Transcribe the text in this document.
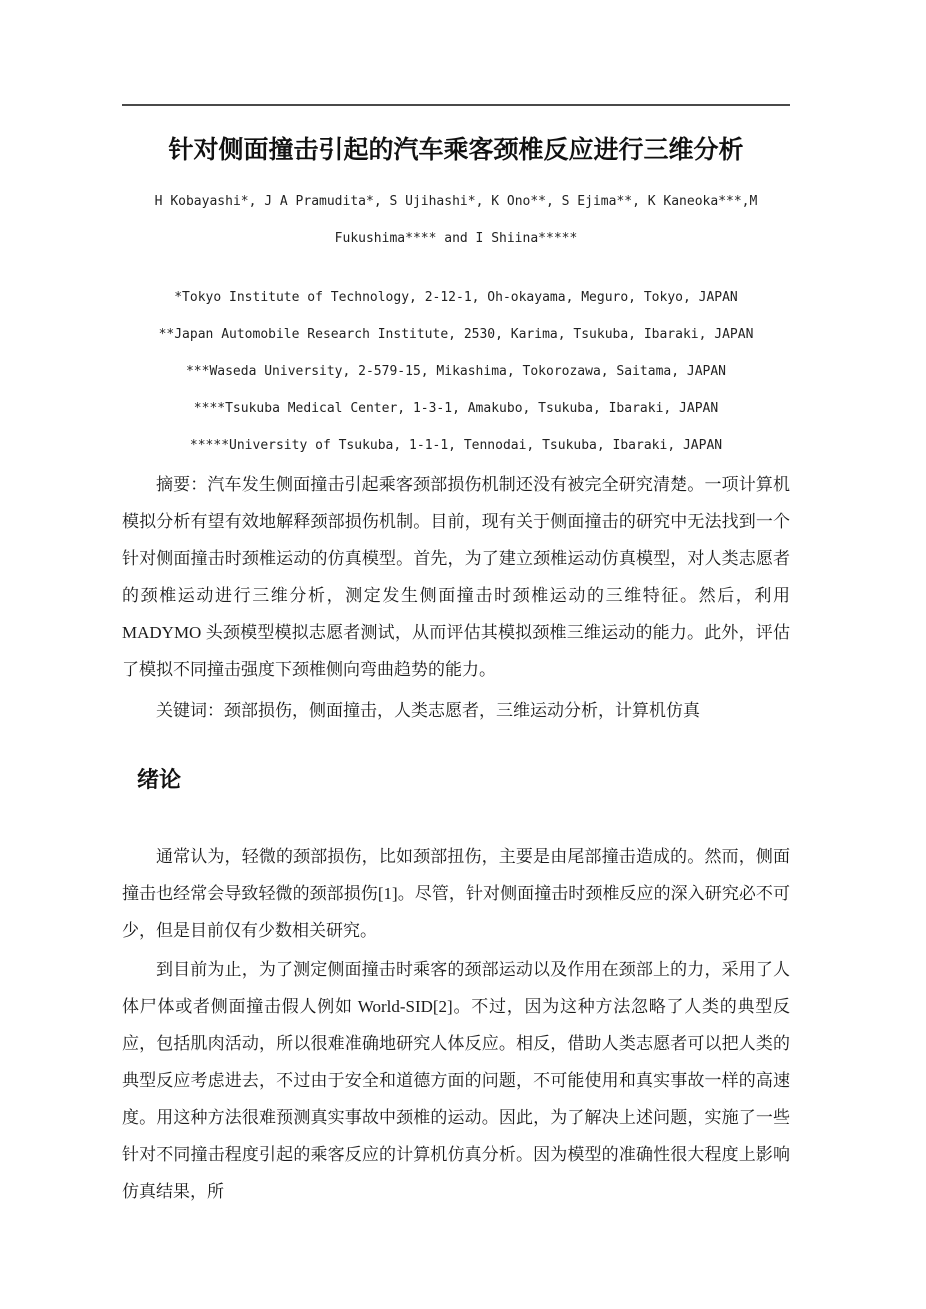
针对侧面撞击引起的汽车乘客颈椎反应进行三维分析
H Kobayashi*, J A Pramudita*, S Ujihashi*, K Ono**, S Ejima**, K Kaneoka***,M
Fukushima**** and I Shiina*****
*Tokyo Institute of Technology, 2-12-1, Oh-okayama, Meguro, Tokyo, JAPAN
**Japan Automobile Research Institute, 2530, Karima, Tsukuba, Ibaraki, JAPAN
***Waseda University, 2-579-15, Mikashima, Tokorozawa, Saitama, JAPAN
****Tsukuba Medical Center, 1-3-1, Amakubo, Tsukuba, Ibaraki, JAPAN
*****University of Tsukuba, 1-1-1, Tennodai, Tsukuba, Ibaraki, JAPAN

摘要：汽车发生侧面撞击引起乘客颈部损伤机制还没有被完全研究清楚。一项计算机模拟分析有望有效地解释颈部损伤机制。目前，现有关于侧面撞击的研究中无法找到一个针对侧面撞击时颈椎运动的仿真模型。首先，为了建立颈椎运动仿真模型，对人类志愿者的颈椎运动进行三维分析，测定发生侧面撞击时颈椎运动的三维特征。然后，利用 MADYMO 头颈模型模拟志愿者测试，从而评估其模拟颈椎三维运动的能力。此外，评估了模拟不同撞击强度下颈椎侧向弯曲趋势的能力。

关键词：颈部损伤，侧面撞击，人类志愿者，三维运动分析，计算机仿真

绪论

通常认为，轻微的颈部损伤，比如颈部扭伤，主要是由尾部撞击造成的。然而，侧面撞击也经常会导致轻微的颈部损伤[1]。尽管，针对侧面撞击时颈椎反应的深入研究必不可少，但是目前仅有少数相关研究。

到目前为止，为了测定侧面撞击时乘客的颈部运动以及作用在颈部上的力，采用了人体尸体或者侧面撞击假人例如 World-SID[2]。不过，因为这种方法忽略了人类的典型反应，包括肌肉活动，所以很难准确地研究人体反应。相反，借助人类志愿者可以把人类的典型反应考虑进去，不过由于安全和道德方面的问题，不可能使用和真实事故一样的高速度。用这种方法很难预测真实事故中颈椎的运动。因此，为了解决上述问题，实施了一些针对不同撞击程度引起的乘客反应的计算机仿真分析。因为模型的准确性很大程度上影响仿真结果，所
